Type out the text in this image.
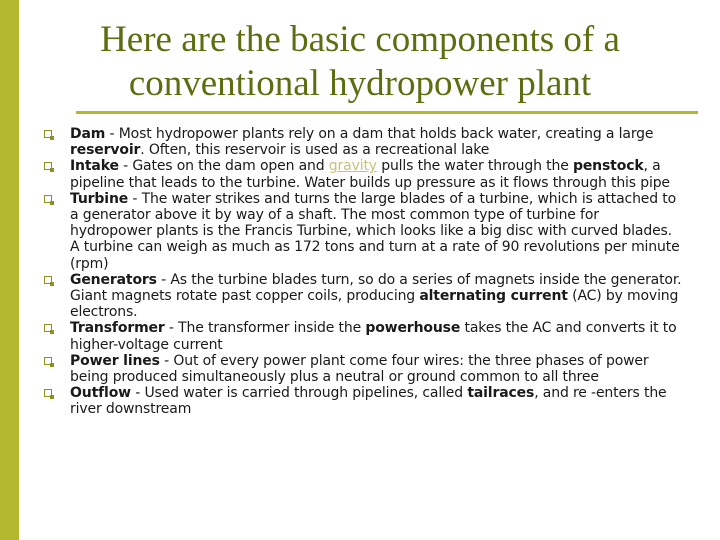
Here are the basic components of a
conventional hydropower plant
Dam - Most hydropower plants rely on a dam that holds back water, creating a large reservoir. Often, this reservoir is used as a recreational lake
Intake - Gates on the dam open and gravity pulls the water through the penstock, a pipeline that leads to the turbine. Water builds up pressure as it flows through this pipe
Turbine - The water strikes and turns the large blades of a turbine, which is attached to a generator above it by way of a shaft. The most common type of turbine for hydropower plants is the Francis Turbine, which looks like a big disc with curved blades. A turbine can weigh as much as 172 tons and turn at a rate of 90 revolutions per minute (rpm)
Generators - As the turbine blades turn, so do a series of magnets inside the generator. Giant magnets rotate past copper coils, producing alternating current (AC) by moving electrons.
Transformer - The transformer inside the powerhouse takes the AC and converts it to higher-voltage current
Power lines - Out of every power plant come four wires: the three phases of power being produced simultaneously plus a neutral or ground common to all three
Outflow - Used water is carried through pipelines, called tailraces, and re -enters the river downstream
